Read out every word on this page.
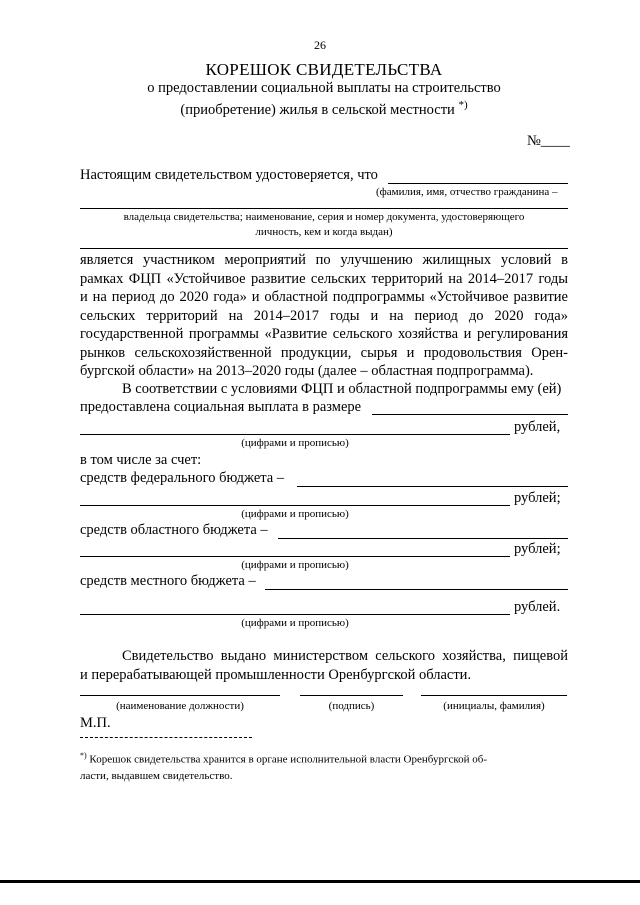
26
КОРЕШОК СВИДЕТЕЛЬСТВА
о предоставлении социальной выплаты на строительство
(приобретение) жилья в сельской местности *)
№____
Настоящим свидетельством удостоверяется, что
(фамилия, имя, отчество гражданина –
владельца свидетельства; наименование, серия и номер документа, удостоверяющего
личность, кем и когда выдан)
является участником мероприятий по улучшению жилищных условий в
рамках ФЦП «Устойчивое развитие сельских территорий на 2014–2017 годы
и на период до 2020 года» и областной подпрограммы «Устойчивое развитие
сельских территорий на 2014–2017 годы и на период до 2020 года»
государственной программы «Развитие сельского хозяйства и регулирования
рынков сельскохозяйственной продукции, сырья и продовольствия Орен-
бургской области» на 2013–2020 годы (далее – областная подпрограмма).
В соответствии с условиями ФЦП и областной подпрограммы ему (ей)
предоставлена социальная выплата в размере
рублей,
(цифрами и прописью)
в том числе за счет:
средств федерального бюджета –
рублей;
(цифрами и прописью)
средств областного бюджета –
рублей;
(цифрами и прописью)
средств местного бюджета –
рублей.
(цифрами и прописью)
Свидетельство выдано министерством сельского хозяйства, пищевой
и перерабатывающей промышленности Оренбургской области.
(наименование должности)	(подпись)	(инициалы, фамилия)
М.П.
*) Корешок свидетельства хранится в органе исполнительной власти Оренбургской об-
ласти, выдавшем свидетельство.
